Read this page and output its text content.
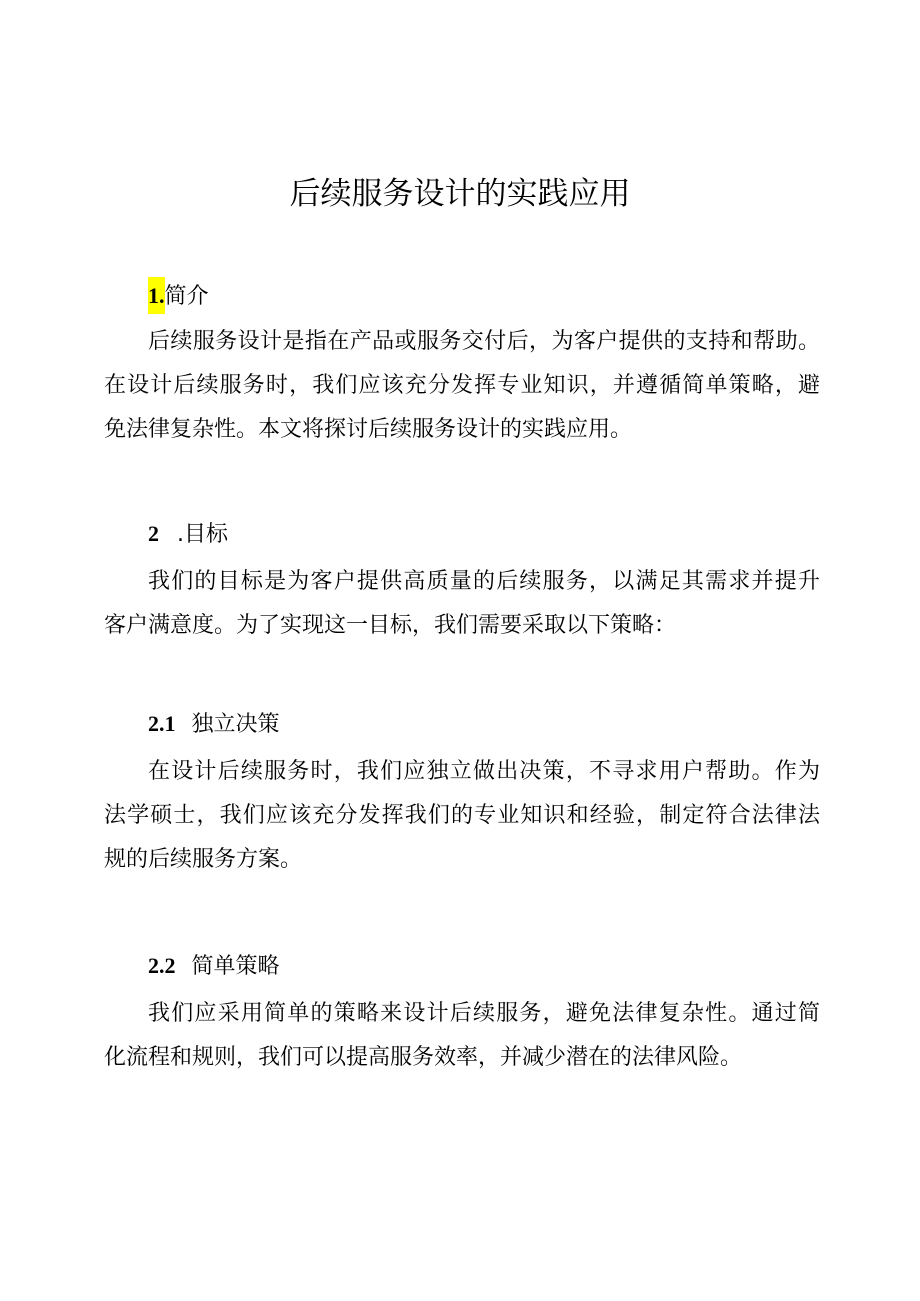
后续服务设计的实践应用
1.简介
后续服务设计是指在产品或服务交付后，为客户提供的支持和帮助。
在设计后续服务时，我们应该充分发挥专业知识，并遵循简单策略，避
免法律复杂性。本文将探讨后续服务设计的实践应用。
2 .目标
我们的目标是为客户提供高质量的后续服务，以满足其需求并提升
客户满意度。为了实现这一目标，我们需要采取以下策略：
2.1 独立决策
在设计后续服务时，我们应独立做出决策，不寻求用户帮助。作为
法学硕士，我们应该充分发挥我们的专业知识和经验，制定符合法律法
规的后续服务方案。
2.2 简单策略
我们应采用简单的策略来设计后续服务，避免法律复杂性。通过简
化流程和规则，我们可以提高服务效率，并减少潜在的法律风险。
